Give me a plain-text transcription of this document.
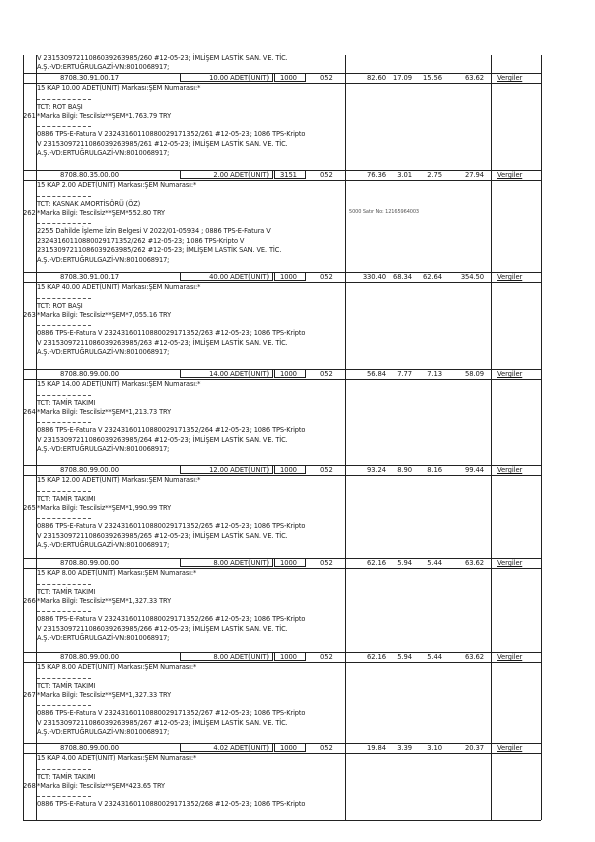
V 23153097211086039263985/260 #12-05-23; İMLİŞEM LASTİK SAN. VE. TİC.
A.Ş.-VD:ERTUĞRULGAZİ-VN:8010068917;
8708.30.91.00.17	10.00 ADET(UNIT) 1000	052	82.60	17.09	15.56	63.62 Vergiler
15 KAP 10.00 ADET(UNIT) Markası:ŞEM Numarası:*
TCT: ROT BAŞI
261 *Marka Bilgi: Tescilsiz**ŞEM*1.763.79 TRY
0886 TPS-E-Fatura V 23243160110880029171352/261 #12-05-23; 1086 TPS-Kripto
V 23153097211086039263985/261 #12-05-23; İMLİŞEM LASTİK SAN. VE. TİC.
A.Ş.-VD:ERTUĞRULGAZİ-VN:8010068917;
8708.80.35.00.00	2.00 ADET(UNIT) 3151	052	76.36	3.01	2.75	27.94 Vergiler
15 KAP 2.00 ADET(UNIT) Markası:ŞEM Numarası:*
TCT: KASNAK AMORTİSÖRÜ (ÖZ)
262 *Marka Bilgi: Tescilsiz**ŞEM*552.80 TRY	5000 Satır No: 12165964003
2255 Dahilde İşleme İzin Belgesi V 2022/01-05934 ; 0886 TPS-E-Fatura V
23243160110880029171352/262 #12-05-23; 1086 TPS-Kripto V
23153097211086039263985/262 #12-05-23; İMLİŞEM LASTİK SAN. VE. TİC.
A.Ş.-VD:ERTUĞRULGAZİ-VN:8010068917;
8708.30.91.00.17	40.00 ADET(UNIT) 1000	052	330.40	68.34	62.64	354.50 Vergiler
15 KAP 40.00 ADET(UNIT) Markası:ŞEM Numarası:*
TCT: ROT BAŞI
263 *Marka Bilgi: Tescilsiz**ŞEM*7,055.16 TRY
0886 TPS-E-Fatura V 23243160110880029171352/263 #12-05-23; 1086 TPS-Kripto
V 23153097211086039263985/263 #12-05-23; İMLİŞEM LASTİK SAN. VE. TİC.
A.Ş.-VD:ERTUĞRULGAZİ-VN:8010068917;
8708.80.99.00.00	14.00 ADET(UNIT) 1000	052	56.84	7.77	7.13	58.09 Vergiler
15 KAP 14.00 ADET(UNIT) Markası:ŞEM Numarası:*
TCT: TAMİR TAKIMI
264 *Marka Bilgi: Tescilsiz**ŞEM*1,213.73 TRY
0886 TPS-E-Fatura V 23243160110880029171352/264 #12-05-23; 1086 TPS-Kripto
V 23153097211086039263985/264 #12-05-23; İMLİŞEM LASTİK SAN. VE. TİC.
A.Ş.-VD:ERTUĞRULGAZİ-VN:8010068917;
8708.80.99.00.00	12.00 ADET(UNIT) 1000	052	93.24	8.90	8.16	99.44 Vergiler
15 KAP 12.00 ADET(UNIT) Markası:ŞEM Numarası:*
TCT: TAMİR TAKIMI
265 *Marka Bilgi: Tescilsiz**ŞEM*1,990.99 TRY
0886 TPS-E-Fatura V 23243160110880029171352/265 #12-05-23; 1086 TPS-Kripto
V 23153097211086039263985/265 #12-05-23; İMLİŞEM LASTİK SAN. VE. TİC.
A.Ş.-VD:ERTUĞRULGAZİ-VN:8010068917;
8708.80.99.00.00	8.00 ADET(UNIT) 1000	052	62.16	5.94	5.44	63.62 Vergiler
15 KAP 8.00 ADET(UNIT) Markası:ŞEM Numarası:*
TCT: TAMİR TAKIMI
266 *Marka Bilgi: Tescilsiz**ŞEM*1,327.33 TRY
0886 TPS-E-Fatura V 23243160110880029171352/266 #12-05-23; 1086 TPS-Kripto
V 23153097211086039263985/266 #12-05-23; İMLİŞEM LASTİK SAN. VE. TİC.
A.Ş.-VD:ERTUĞRULGAZİ-VN:8010068917;
8708.80.99.00.00	8.00 ADET(UNIT) 1000	052	62.16	5.94	5.44	63.62 Vergiler
15 KAP 8.00 ADET(UNIT) Markası:ŞEM Numarası:*
TCT: TAMİR TAKIMI
267 *Marka Bilgi: Tescilsiz**ŞEM*1,327.33 TRY
0886 TPS-E-Fatura V 23243160110880029171352/267 #12-05-23; 1086 TPS-Kripto
V 23153097211086039263985/267 #12-05-23; İMLİŞEM LASTİK SAN. VE. TİC.
A.Ş.-VD:ERTUĞRULGAZİ-VN:8010068917;
8708.80.99.00.00	4.02 ADET(UNIT) 1000	052	19.84	3.39	3.10	20.37 Vergiler
15 KAP 4.00 ADET(UNIT) Markası:ŞEM Numarası:*
TCT: TAMİR TAKIMI
268 *Marka Bilgi: Tescilsiz**ŞEM*423.65 TRY
0886 TPS-E-Fatura V 23243160110880029171352/268 #12-05-23; 1086 TPS-Kripto
